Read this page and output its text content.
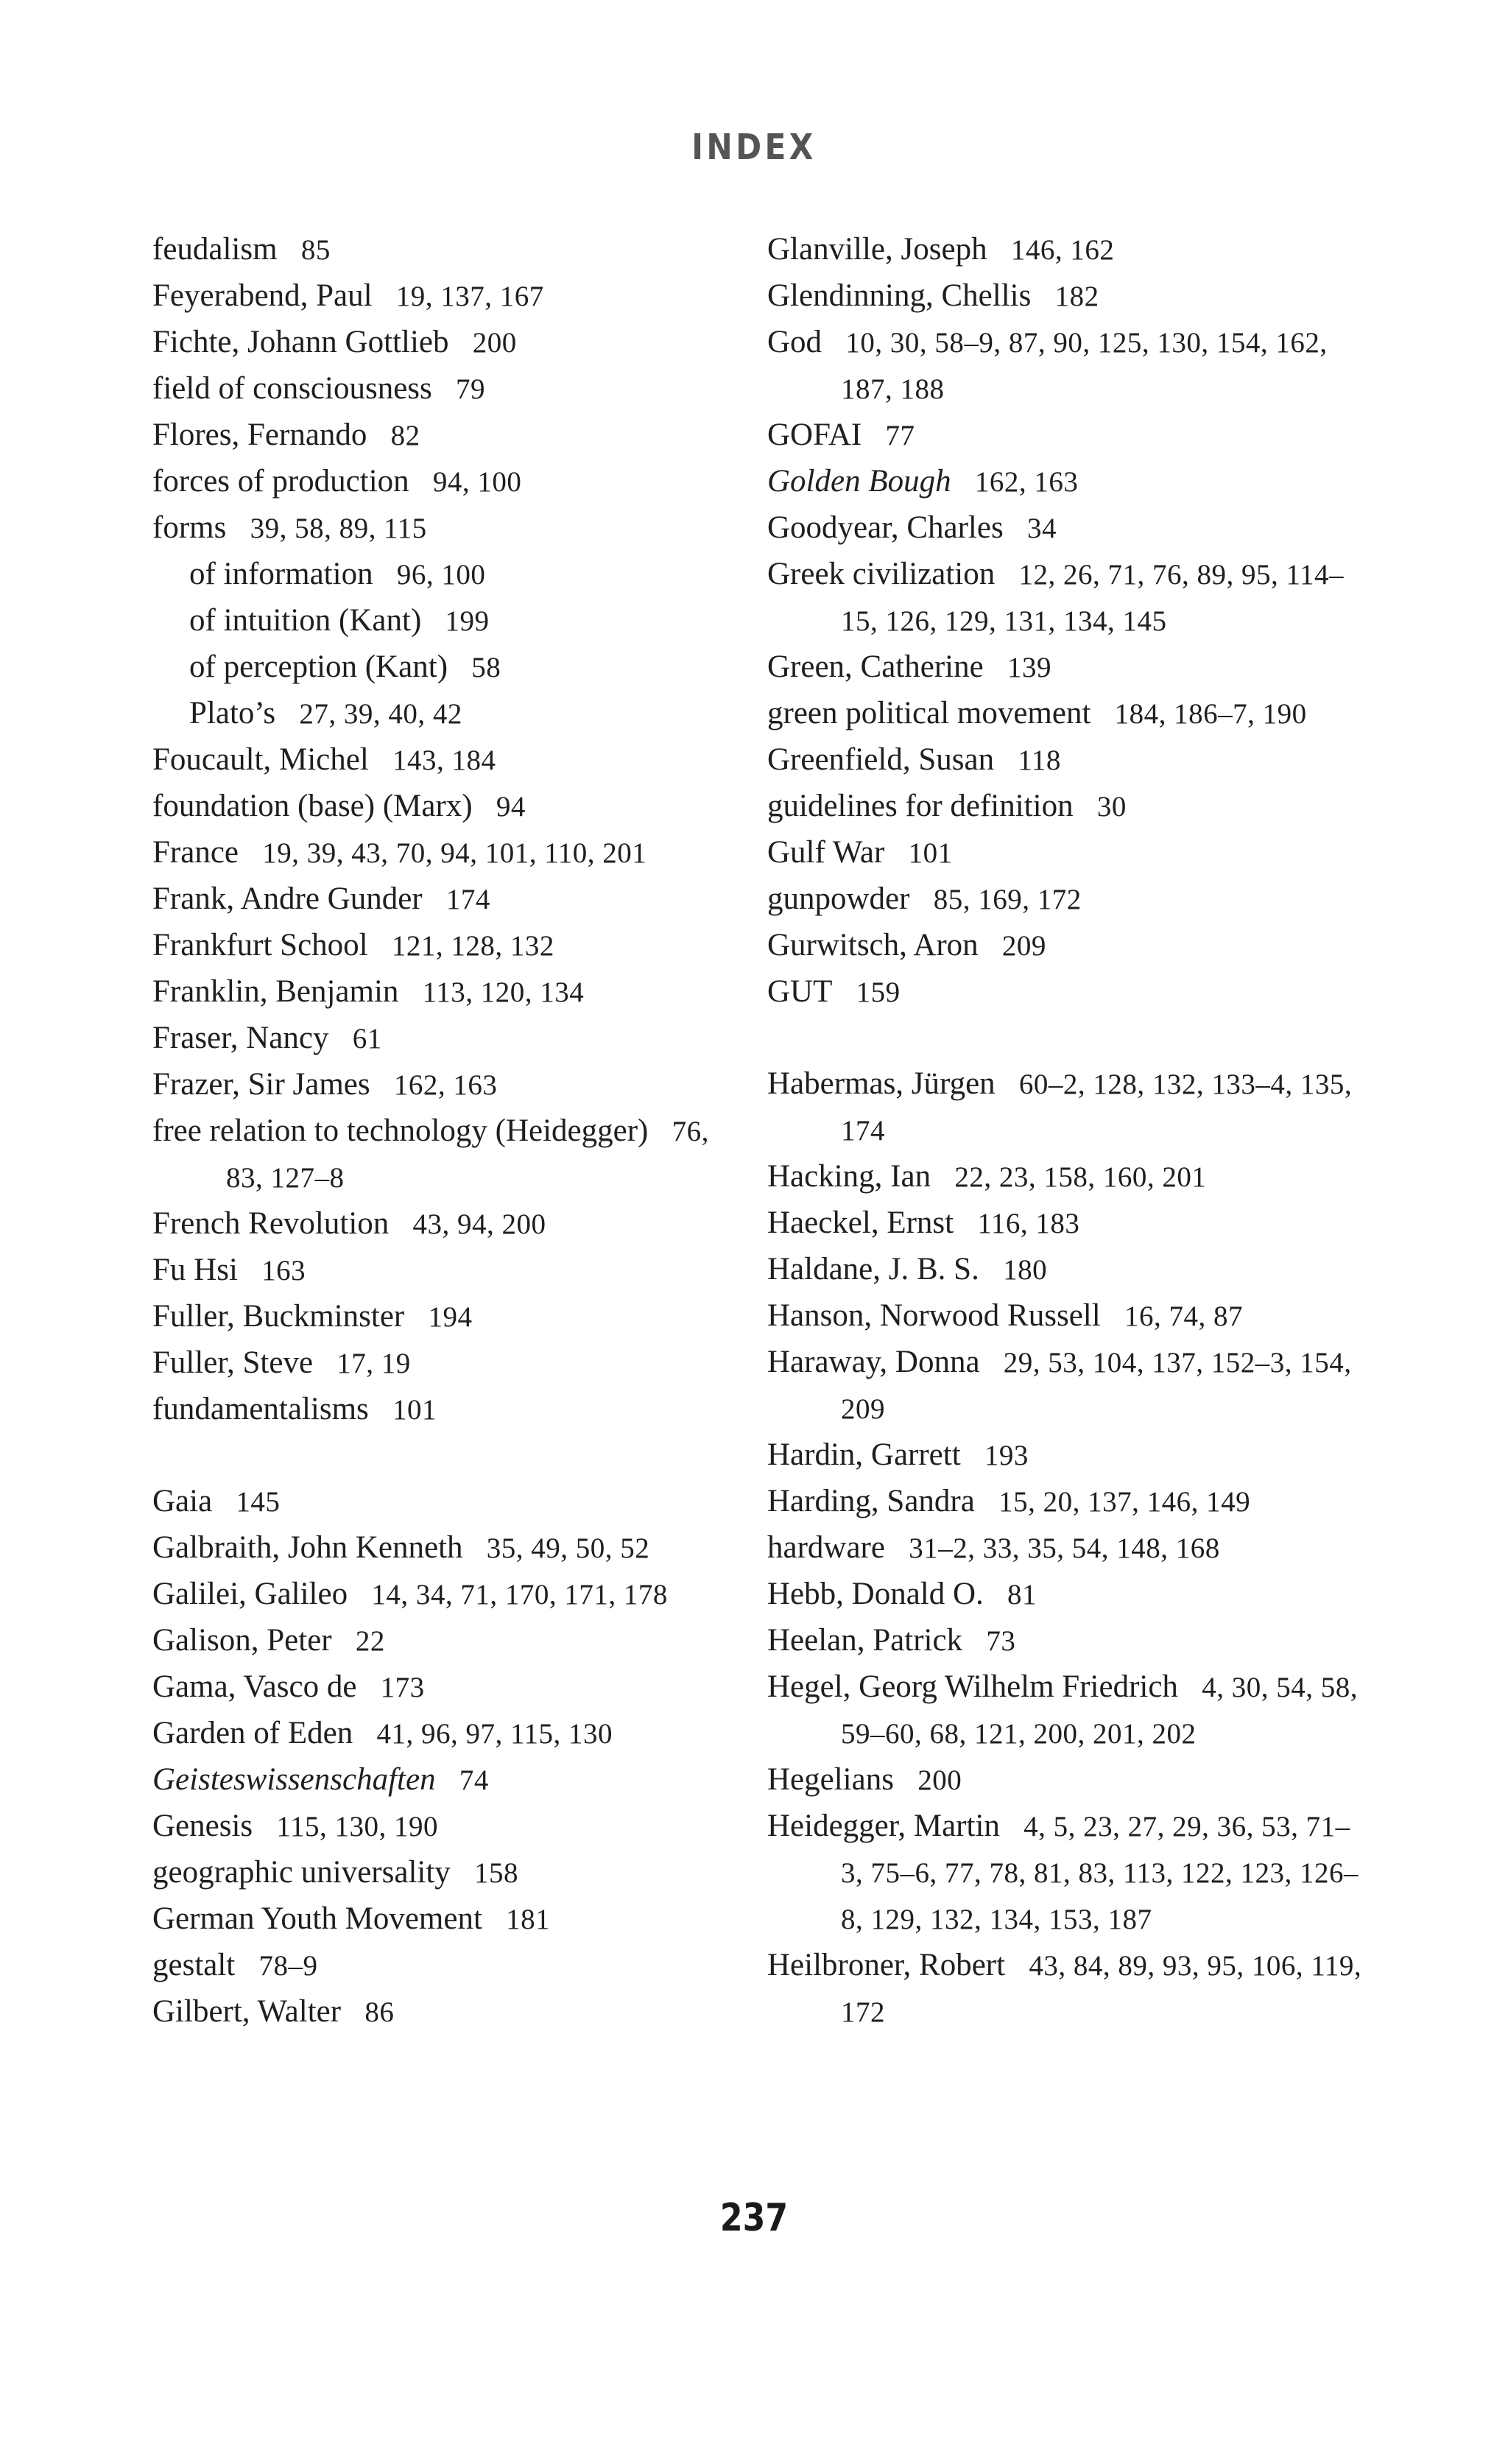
INDEX
feudalism 85
Feyerabend, Paul 19, 137, 167
Fichte, Johann Gottlieb 200
field of consciousness 79
Flores, Fernando 82
forces of production 94, 100
forms 39, 58, 89, 115
of information 96, 100
of intuition (Kant) 199
of perception (Kant) 58
Plato’s 27, 39, 40, 42
Foucault, Michel 143, 184
foundation (base) (Marx) 94
France 19, 39, 43, 70, 94, 101, 110, 201
Frank, Andre Gunder 174
Frankfurt School 121, 128, 132
Franklin, Benjamin 113, 120, 134
Fraser, Nancy 61
Frazer, Sir James 162, 163
free relation to technology (Heidegger) 76, 83, 127–8
French Revolution 43, 94, 200
Fu Hsi 163
Fuller, Buckminster 194
Fuller, Steve 17, 19
fundamentalisms 101
Gaia 145
Galbraith, John Kenneth 35, 49, 50, 52
Galilei, Galileo 14, 34, 71, 170, 171, 178
Galison, Peter 22
Gama, Vasco de 173
Garden of Eden 41, 96, 97, 115, 130
Geisteswissenschaften 74
Genesis 115, 130, 190
geographic universality 158
German Youth Movement 181
gestalt 78–9
Gilbert, Walter 86
Glanville, Joseph 146, 162
Glendinning, Chellis 182
God 10, 30, 58–9, 87, 90, 125, 130, 154, 162, 187, 188
GOFAI 77
Golden Bough 162, 163
Goodyear, Charles 34
Greek civilization 12, 26, 71, 76, 89, 95, 114–15, 126, 129, 131, 134, 145
Green, Catherine 139
green political movement 184, 186–7, 190
Greenfield, Susan 118
guidelines for definition 30
Gulf War 101
gunpowder 85, 169, 172
Gurwitsch, Aron 209
GUT 159
Habermas, Jürgen 60–2, 128, 132, 133–4, 135, 174
Hacking, Ian 22, 23, 158, 160, 201
Haeckel, Ernst 116, 183
Haldane, J. B. S. 180
Hanson, Norwood Russell 16, 74, 87
Haraway, Donna 29, 53, 104, 137, 152–3, 154, 209
Hardin, Garrett 193
Harding, Sandra 15, 20, 137, 146, 149
hardware 31–2, 33, 35, 54, 148, 168
Hebb, Donald O. 81
Heelan, Patrick 73
Hegel, Georg Wilhelm Friedrich 4, 30, 54, 58, 59–60, 68, 121, 200, 201, 202
Hegelians 200
Heidegger, Martin 4, 5, 23, 27, 29, 36, 53, 71–3, 75–6, 77, 78, 81, 83, 113, 122, 123, 126–8, 129, 132, 134, 153, 187
Heilbroner, Robert 43, 84, 89, 93, 95, 106, 119, 172
237
